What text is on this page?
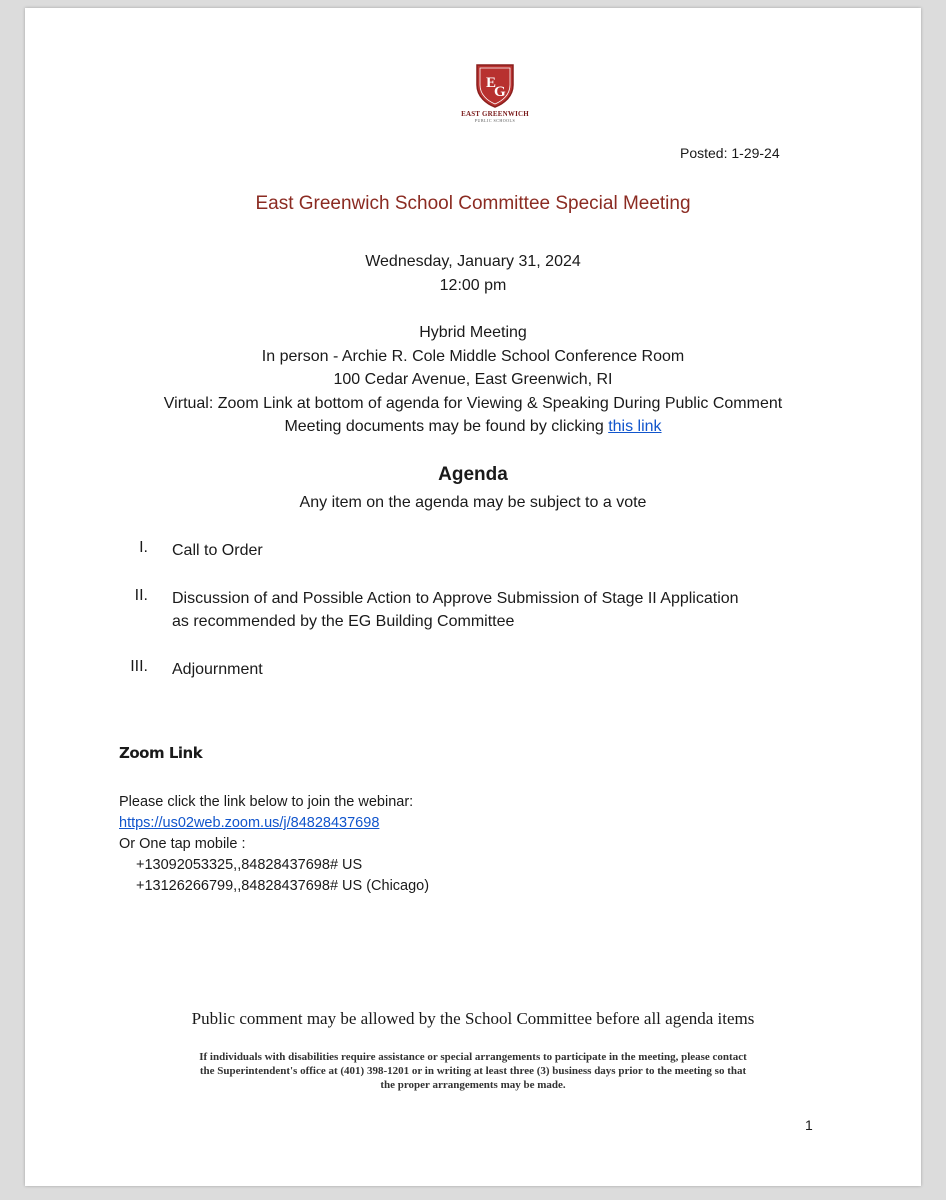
E
G
EAST GREENWICH
PUBLIC SCHOOLS
Posted: 1-29-24
East Greenwich School Committee Special Meeting
Wednesday, January 31, 2024
12:00 pm
Hybrid Meeting
In person - Archie R. Cole Middle School Conference Room
100 Cedar Avenue, East Greenwich, RI
Virtual: Zoom Link at bottom of agenda for Viewing & Speaking During Public Comment
Meeting documents may be found by clicking this link
Agenda
Any item on the agenda may be subject to a vote
I. Call to Order
II. Discussion of and Possible Action to Approve Submission of Stage II Application
as recommended by the EG Building Committee
III. Adjournment
Zoom Link
Please click the link below to join the webinar:
https://us02web.zoom.us/j/84828437698
Or One tap mobile :
+13092053325,,84828437698# US
+13126266799,,84828437698# US (Chicago)
Public comment may be allowed by the School Committee before all agenda items
If individuals with disabilities require assistance or special arrangements to participate in the meeting, please contact
the Superintendent's office at (401) 398-1201 or in writing at least three (3) business days prior to the meeting so that
the proper arrangements may be made.
1
